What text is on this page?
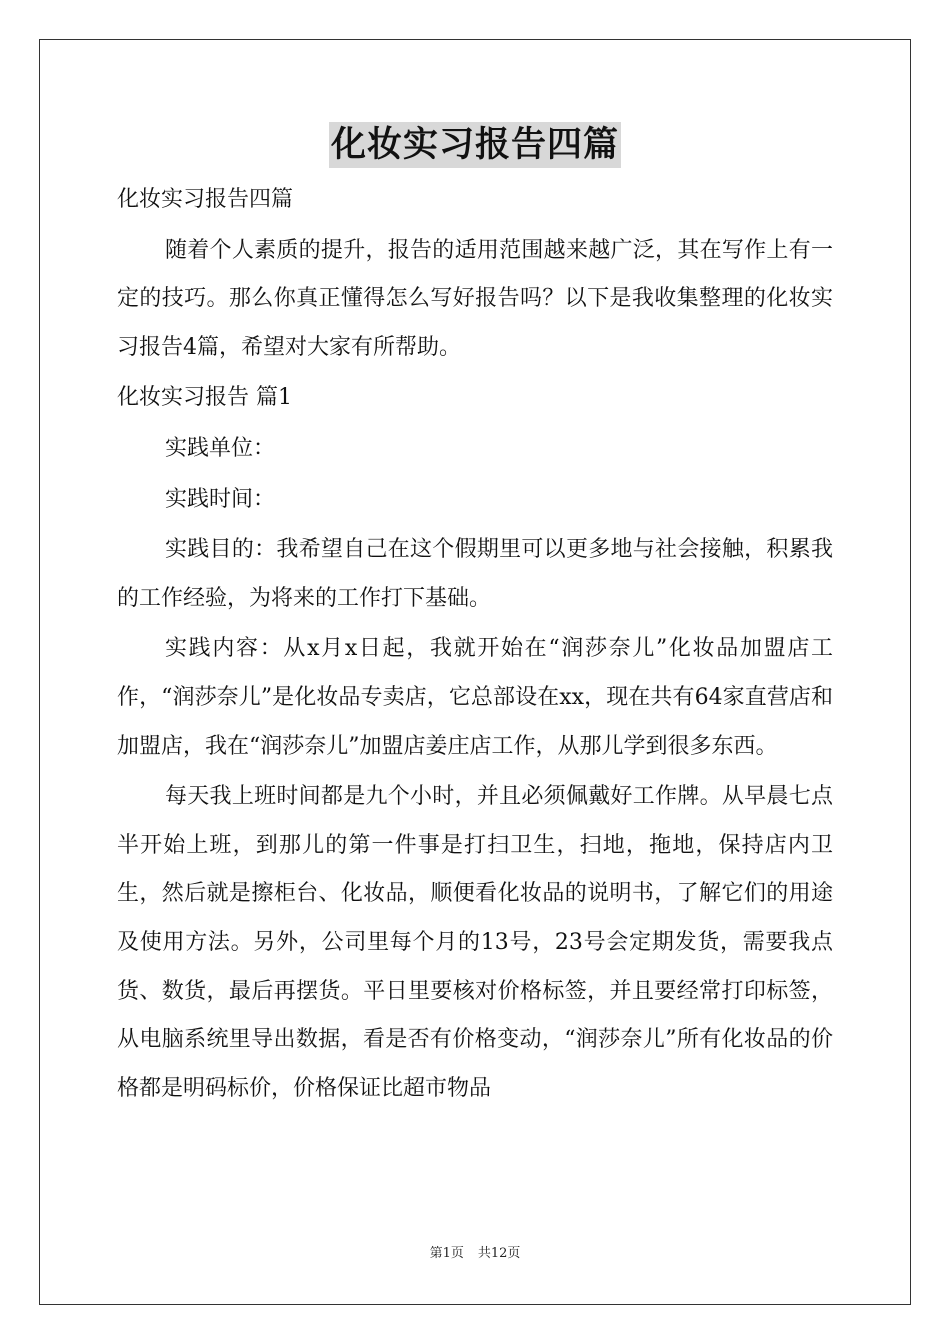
化妆实习报告四篇

化妆实习报告四篇

随着个人素质的提升，报告的适用范围越来越广泛，其在写作上有一定的技巧。那么你真正懂得怎么写好报告吗？以下是我收集整理的化妆实习报告4篇，希望对大家有所帮助。

化妆实习报告 篇1

实践单位：

实践时间：

实践目的：我希望自己在这个假期里可以更多地与社会接触，积累我的工作经验，为将来的工作打下基础。

实践内容：从x月x日起，我就开始在“润莎奈儿”化妆品加盟店工作，“润莎奈儿”是化妆品专卖店，它总部设在xx，现在共有64家直营店和加盟店，我在“润莎奈儿”加盟店姜庄店工作，从那儿学到很多东西。

每天我上班时间都是九个小时，并且必须佩戴好工作牌。从早晨七点半开始上班，到那儿的第一件事是打扫卫生，扫地，拖地，保持店内卫生，然后就是擦柜台、化妆品，顺便看化妆品的说明书，了解它们的用途及使用方法。另外，公司里每个月的13号，23号会定期发货，需要我点货、数货，最后再摆货。平日里要核对价格标签，并且要经常打印标签，从电脑系统里导出数据，看是否有价格变动，“润莎奈儿”所有化妆品的价格都是明码标价，价格保证比超市物品

第1页 共12页
